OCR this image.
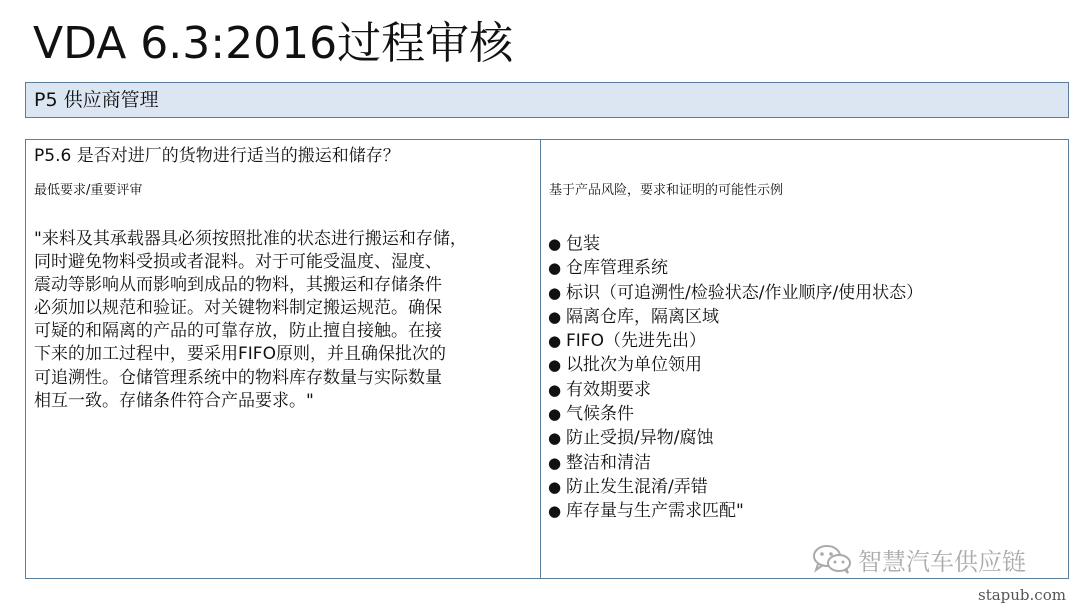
VDA 6.3:2016过程审核
P5 供应商管理
P5.6 是否对进厂的货物进行适当的搬运和储存？
最低要求/重要评审	基于产品风险，要求和证明的可能性示例
"来料及其承载器具必须按照批准的状态进行搬运和存储，
同时避免物料受损或者混料。对于可能受温度、湿度、
震动等影响从而影响到成品的物料，其搬运和存储条件
必须加以规范和验证。对关键物料制定搬运规范。确保
可疑的和隔离的产品的可靠存放，防止擅自接触。在接
下来的加工过程中，要采用FIFO原则，并且确保批次的
可追溯性。仓储管理系统中的物料库存数量与实际数量
相互一致。存储条件符合产品要求。"
● 包装
● 仓库管理系统
● 标识（可追溯性/检验状态/作业顺序/使用状态）
● 隔离仓库，隔离区域
● FIFO（先进先出）
● 以批次为单位领用
● 有效期要求
● 气候条件
● 防止受损/异物/腐蚀
● 整洁和清洁
● 防止发生混淆/弄错
● 库存量与生产需求匹配"
智慧汽车供应链
stapub.com
